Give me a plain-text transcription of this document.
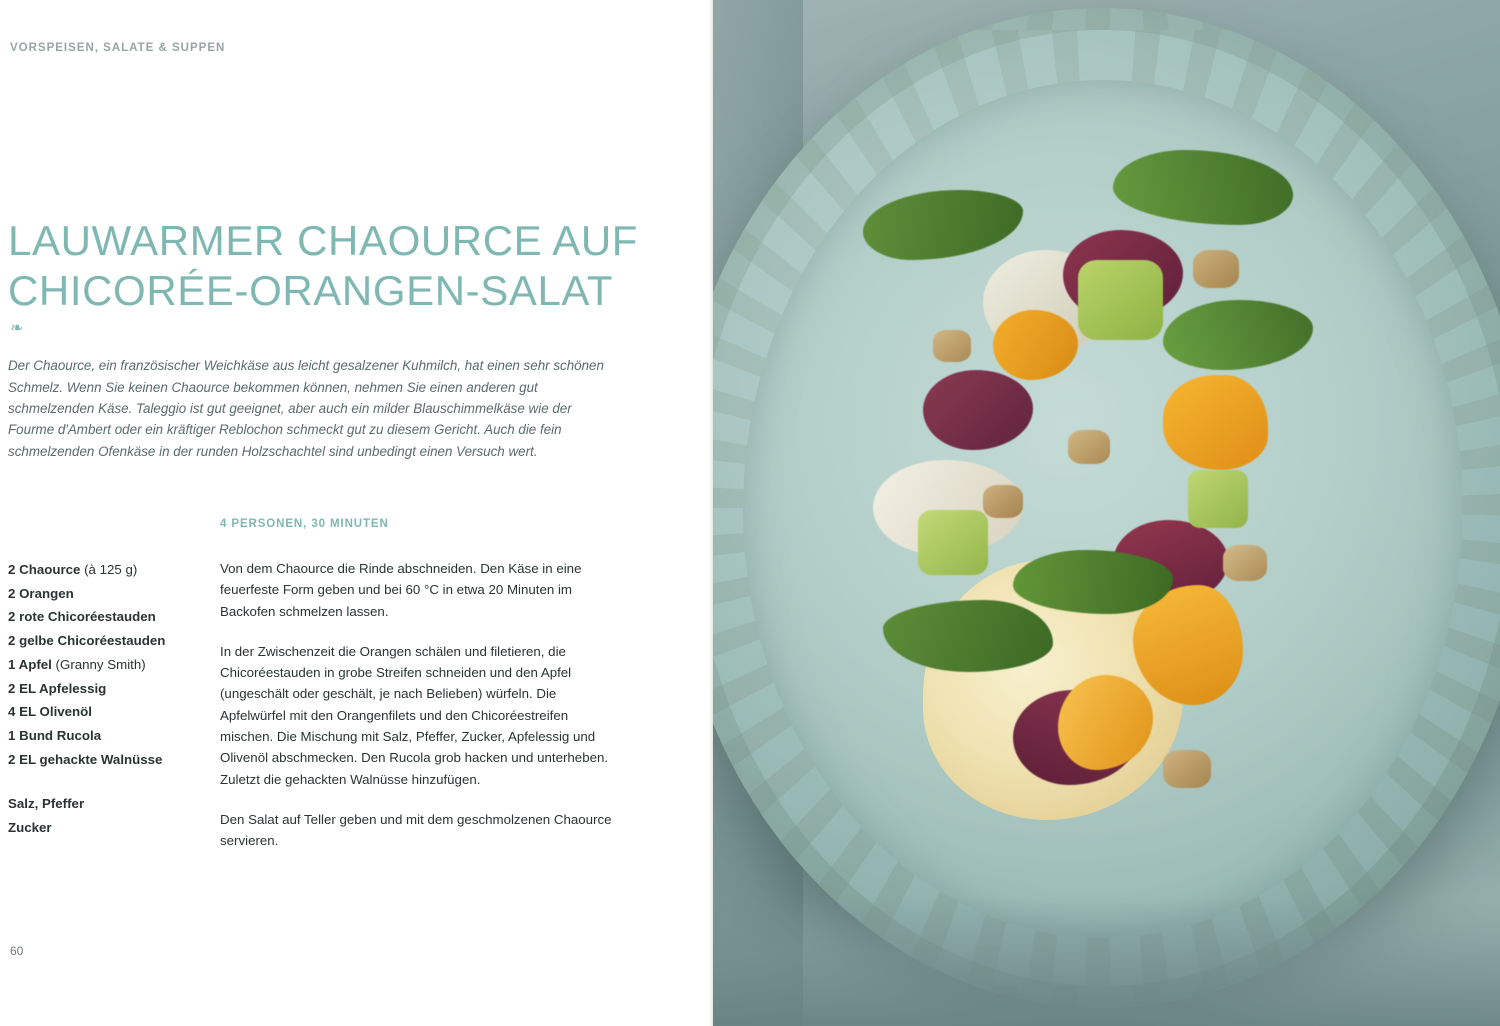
VORSPEISEN, SALATE & SUPPEN
LAUWARMER CHAOURCE AUF
CHICORÉE-ORANGEN-SALAT
❧

Der Chaource, ein französischer Weichkäse aus leicht gesalzener Kuhmilch, hat einen sehr schönen Schmelz. Wenn Sie keinen Chaource bekommen können, nehmen Sie einen anderen gut schmelzenden Käse. Taleggio ist gut geeignet, aber auch ein milder Blauschimmelkäse wie der Fourme d'Ambert oder ein kräftiger Reblochon schmeckt gut zu diesem Gericht. Auch die fein schmelzenden Ofenkäse in der runden Holzschachtel sind unbedingt einen Versuch wert.

4 PERSONEN, 30 MINUTEN
2 Chaource (à 125 g)
2 Orangen
2 rote Chicoréestauden
2 gelbe Chicoréestauden
1 Apfel (Granny Smith)
2 EL Apfelessig
4 EL Olivenöl
1 Bund Rucola
2 EL gehackte Walnüsse
Salz, Pfeffer
Zucker

Von dem Chaource die Rinde abschneiden. Den Käse in eine feuerfeste Form geben und bei 60 °C in etwa 20 Minuten im Backofen schmelzen lassen.

In der Zwischenzeit die Orangen schälen und filetieren, die Chicoréestauden in grobe Streifen schneiden und den Apfel (ungeschält oder geschält, je nach Belieben) würfeln. Die Apfelwürfel mit den Orangenfilets und den Chicoréestreifen mischen. Die Mischung mit Salz, Pfeffer, Zucker, Apfelessig und Olivenöl abschmecken. Den Rucola grob hacken und unterheben. Zuletzt die gehackten Walnüsse hinzufügen.

Den Salat auf Teller geben und mit dem geschmolzenen Chaource servieren.

60
